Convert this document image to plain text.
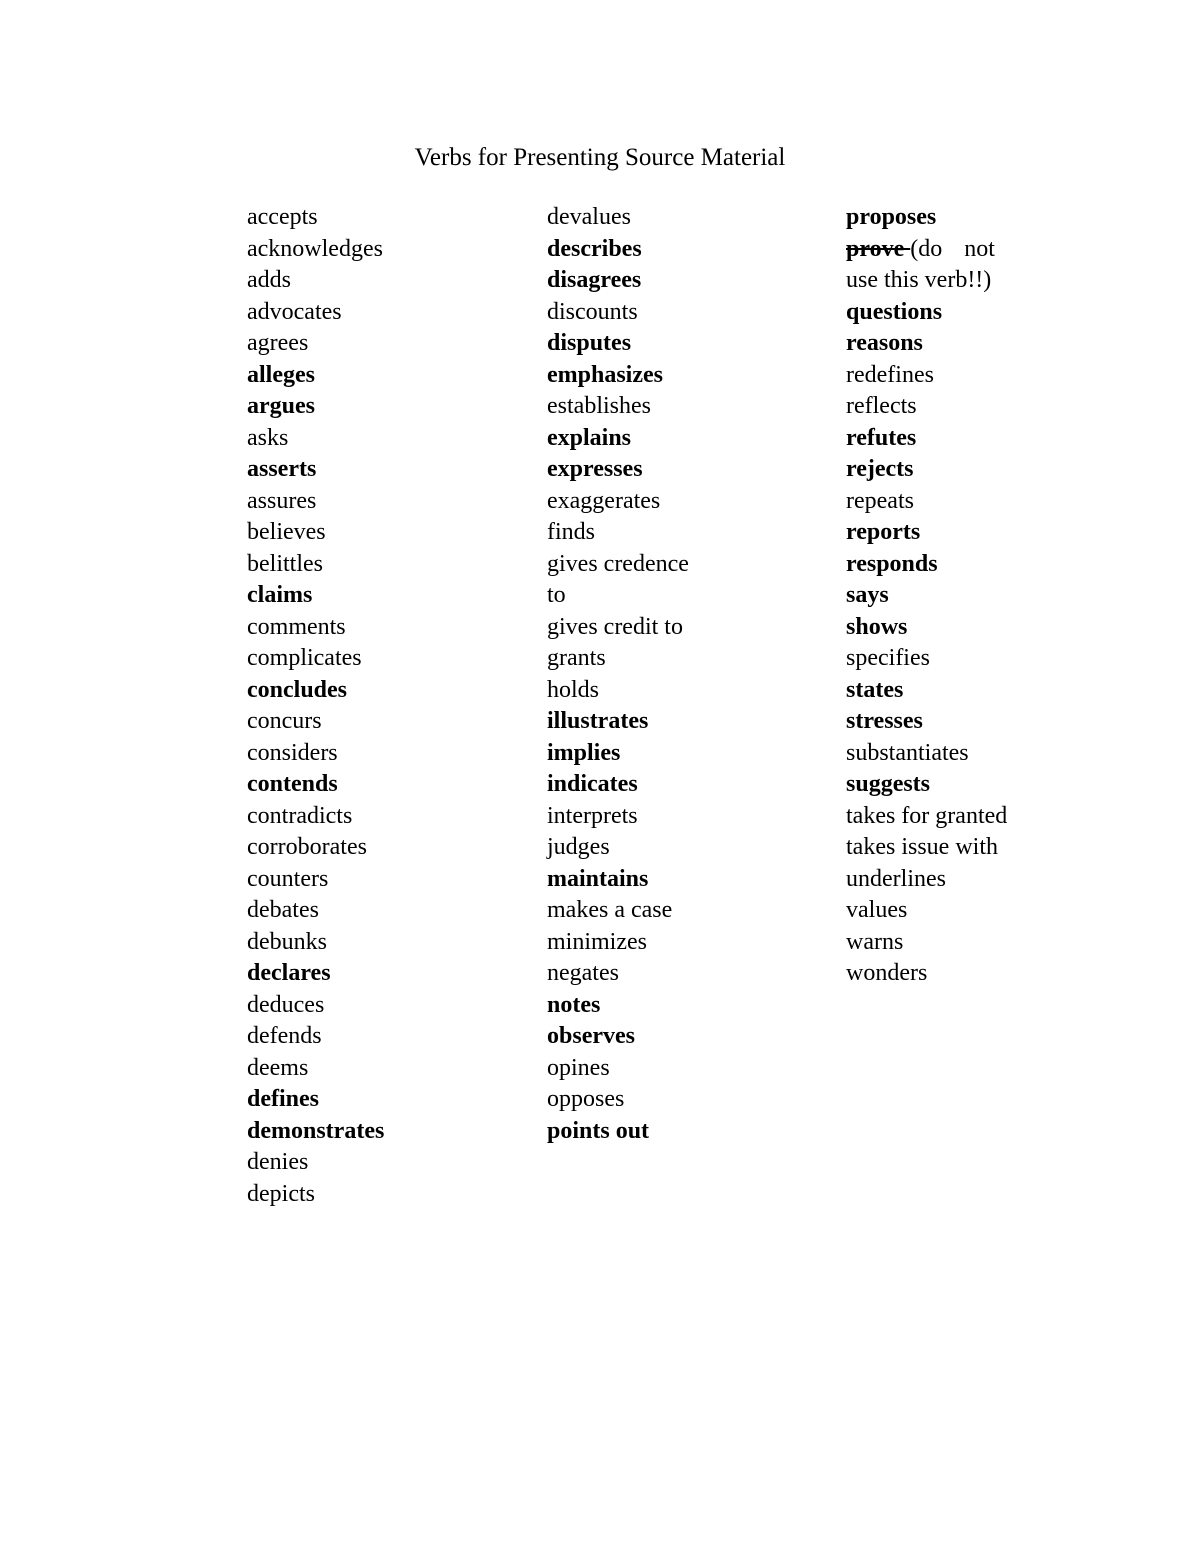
Verbs for Presenting Source Material
accepts
acknowledges
adds
advocates
agrees
alleges
argues
asks
asserts
assures
believes
belittles
claims
comments
complicates
concludes
concurs
considers
contends
contradicts
corroborates
counters
debates
debunks
declares
deduces
defends
deems
defines
demonstrates
denies
depicts
devalues
describes
disagrees
discounts
disputes
emphasizes
establishes
explains
expresses
exaggerates
finds
gives credence
to
gives credit to
grants
holds
illustrates
implies
indicates
interprets
judges
maintains
makes a case
minimizes
negates
notes
observes
opines
opposes
points out
proposes
prove (do not
use this verb!!)
questions
reasons
redefines
reflects
refutes
rejects
repeats
reports
responds
says
shows
specifies
states
stresses
substantiates
suggests
takes for granted
takes issue with
underlines
values
warns
wonders
